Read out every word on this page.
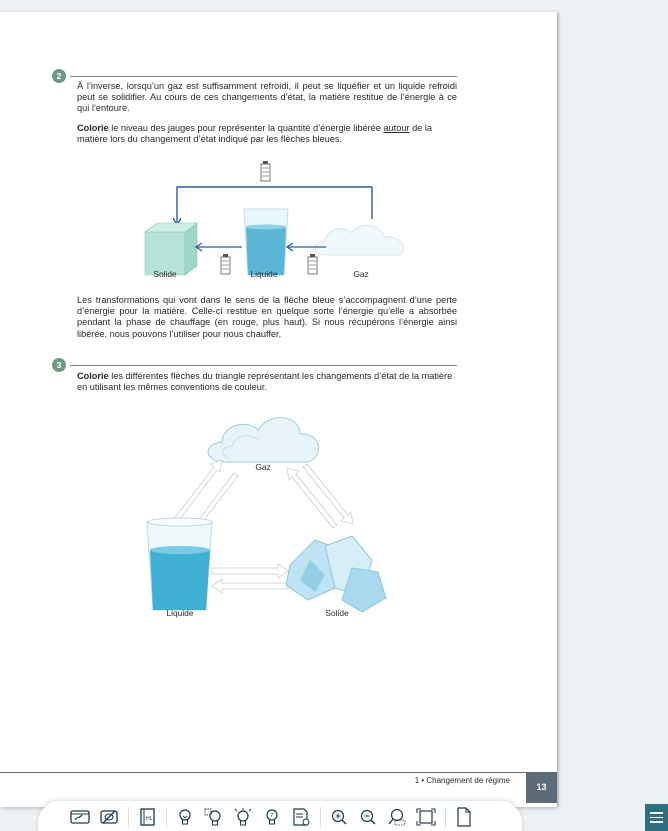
2
À l’inverse, lorsqu’un gaz est suffisamment refroidi, il peut se liquéfier et un liquide refroidi peut se solidifier. Au cours de ces changements d’état, la matière restitue de l’énergie à ce qui l’entoure.
Colorie le niveau des jauges pour représenter la quantité d’énergie libérée autour de la matière lors du changement d’état indiqué par les flèches bleues.
Solide	Liquide	Gaz
Les transformations qui vont dans le sens de la flèche bleue s’accompagnent d’une perte d’énergie pour la matière. Celle-ci restitue en quelque sorte l’énergie qu’elle a absorbée pendant la phase de chauffage (en rouge, plus haut). Si nous récupérons l’énergie ainsi libérée, nous pouvons l’utiliser pour nous chauffer.
3
Colorie les différentes flèches du triangle représentant les changements d’état de la matière en utilisant les mêmes conventions de couleur.
Gaz
Liquide	Solide
1 • Changement de régime
13
HL	?
